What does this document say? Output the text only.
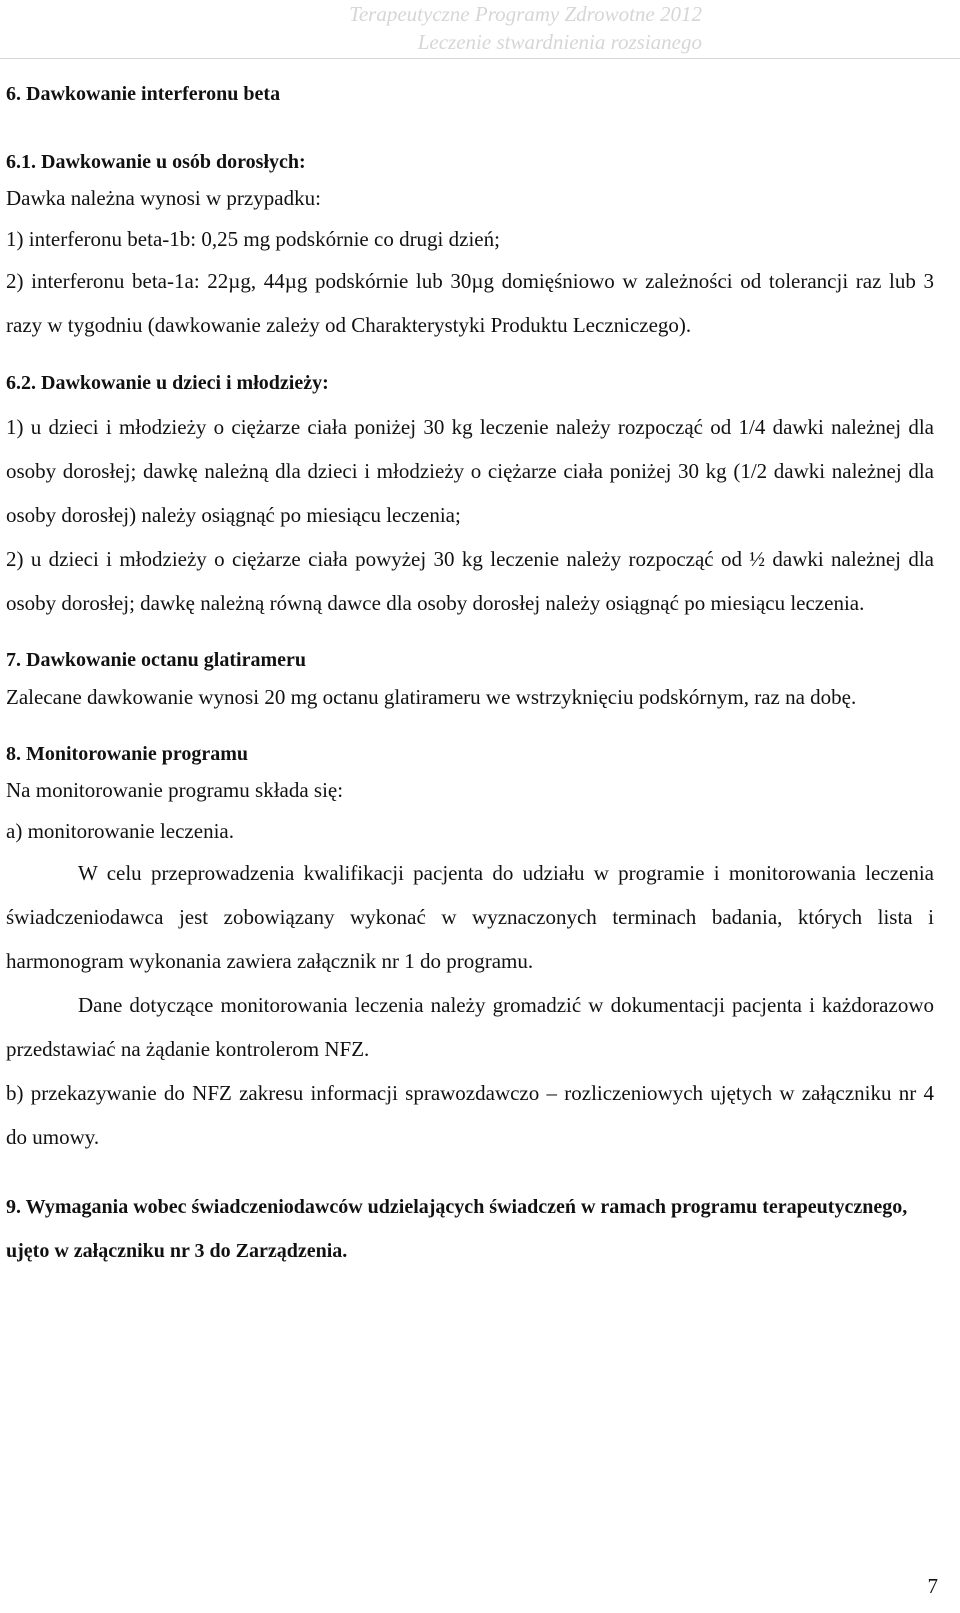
Terapeutyczne Programy Zdrowotne 2012
Leczenie stwardnienia rozsianego

6. Dawkowanie interferonu beta

6.1. Dawkowanie u osób dorosłych:

Dawka należna wynosi w przypadku:

1) interferonu beta-1b: 0,25 mg podskórnie co drugi dzień;

2) interferonu beta-1a: 22µg, 44µg podskórnie lub 30µg domięśniowo w zależności od tolerancji raz lub 3 razy w tygodniu (dawkowanie zależy od Charakterystyki Produktu Leczniczego).

6.2. Dawkowanie u dzieci i młodzieży:

1) u dzieci i młodzieży o ciężarze ciała poniżej 30 kg leczenie należy rozpocząć od 1/4 dawki należnej dla osoby dorosłej; dawkę należną dla dzieci i młodzieży o ciężarze ciała poniżej 30 kg (1/2 dawki należnej dla osoby dorosłej) należy osiągnąć po miesiącu leczenia;

2) u dzieci i młodzieży o ciężarze ciała powyżej 30 kg leczenie należy rozpocząć od ½ dawki należnej dla osoby dorosłej; dawkę należną równą dawce dla osoby dorosłej należy osiągnąć po miesiącu leczenia.

7. Dawkowanie octanu glatirameru

Zalecane dawkowanie wynosi 20 mg octanu glatirameru we wstrzyknięciu podskórnym, raz na dobę.

8. Monitorowanie programu

Na monitorowanie programu składa się:

a) monitorowanie leczenia.

W celu przeprowadzenia kwalifikacji pacjenta do udziału w programie i monitorowania leczenia świadczeniodawca jest zobowiązany wykonać w wyznaczonych terminach badania, których lista i harmonogram wykonania zawiera załącznik nr 1 do programu.

Dane dotyczące monitorowania leczenia należy gromadzić w dokumentacji pacjenta i każdorazowo przedstawiać na żądanie kontrolerom NFZ.

b) przekazywanie do NFZ zakresu informacji sprawozdawczo – rozliczeniowych ujętych w załączniku nr 4 do umowy.

9. Wymagania wobec świadczeniodawców udzielających świadczeń w ramach programu terapeutycznego, ujęto w załączniku nr 3 do Zarządzenia.

7
